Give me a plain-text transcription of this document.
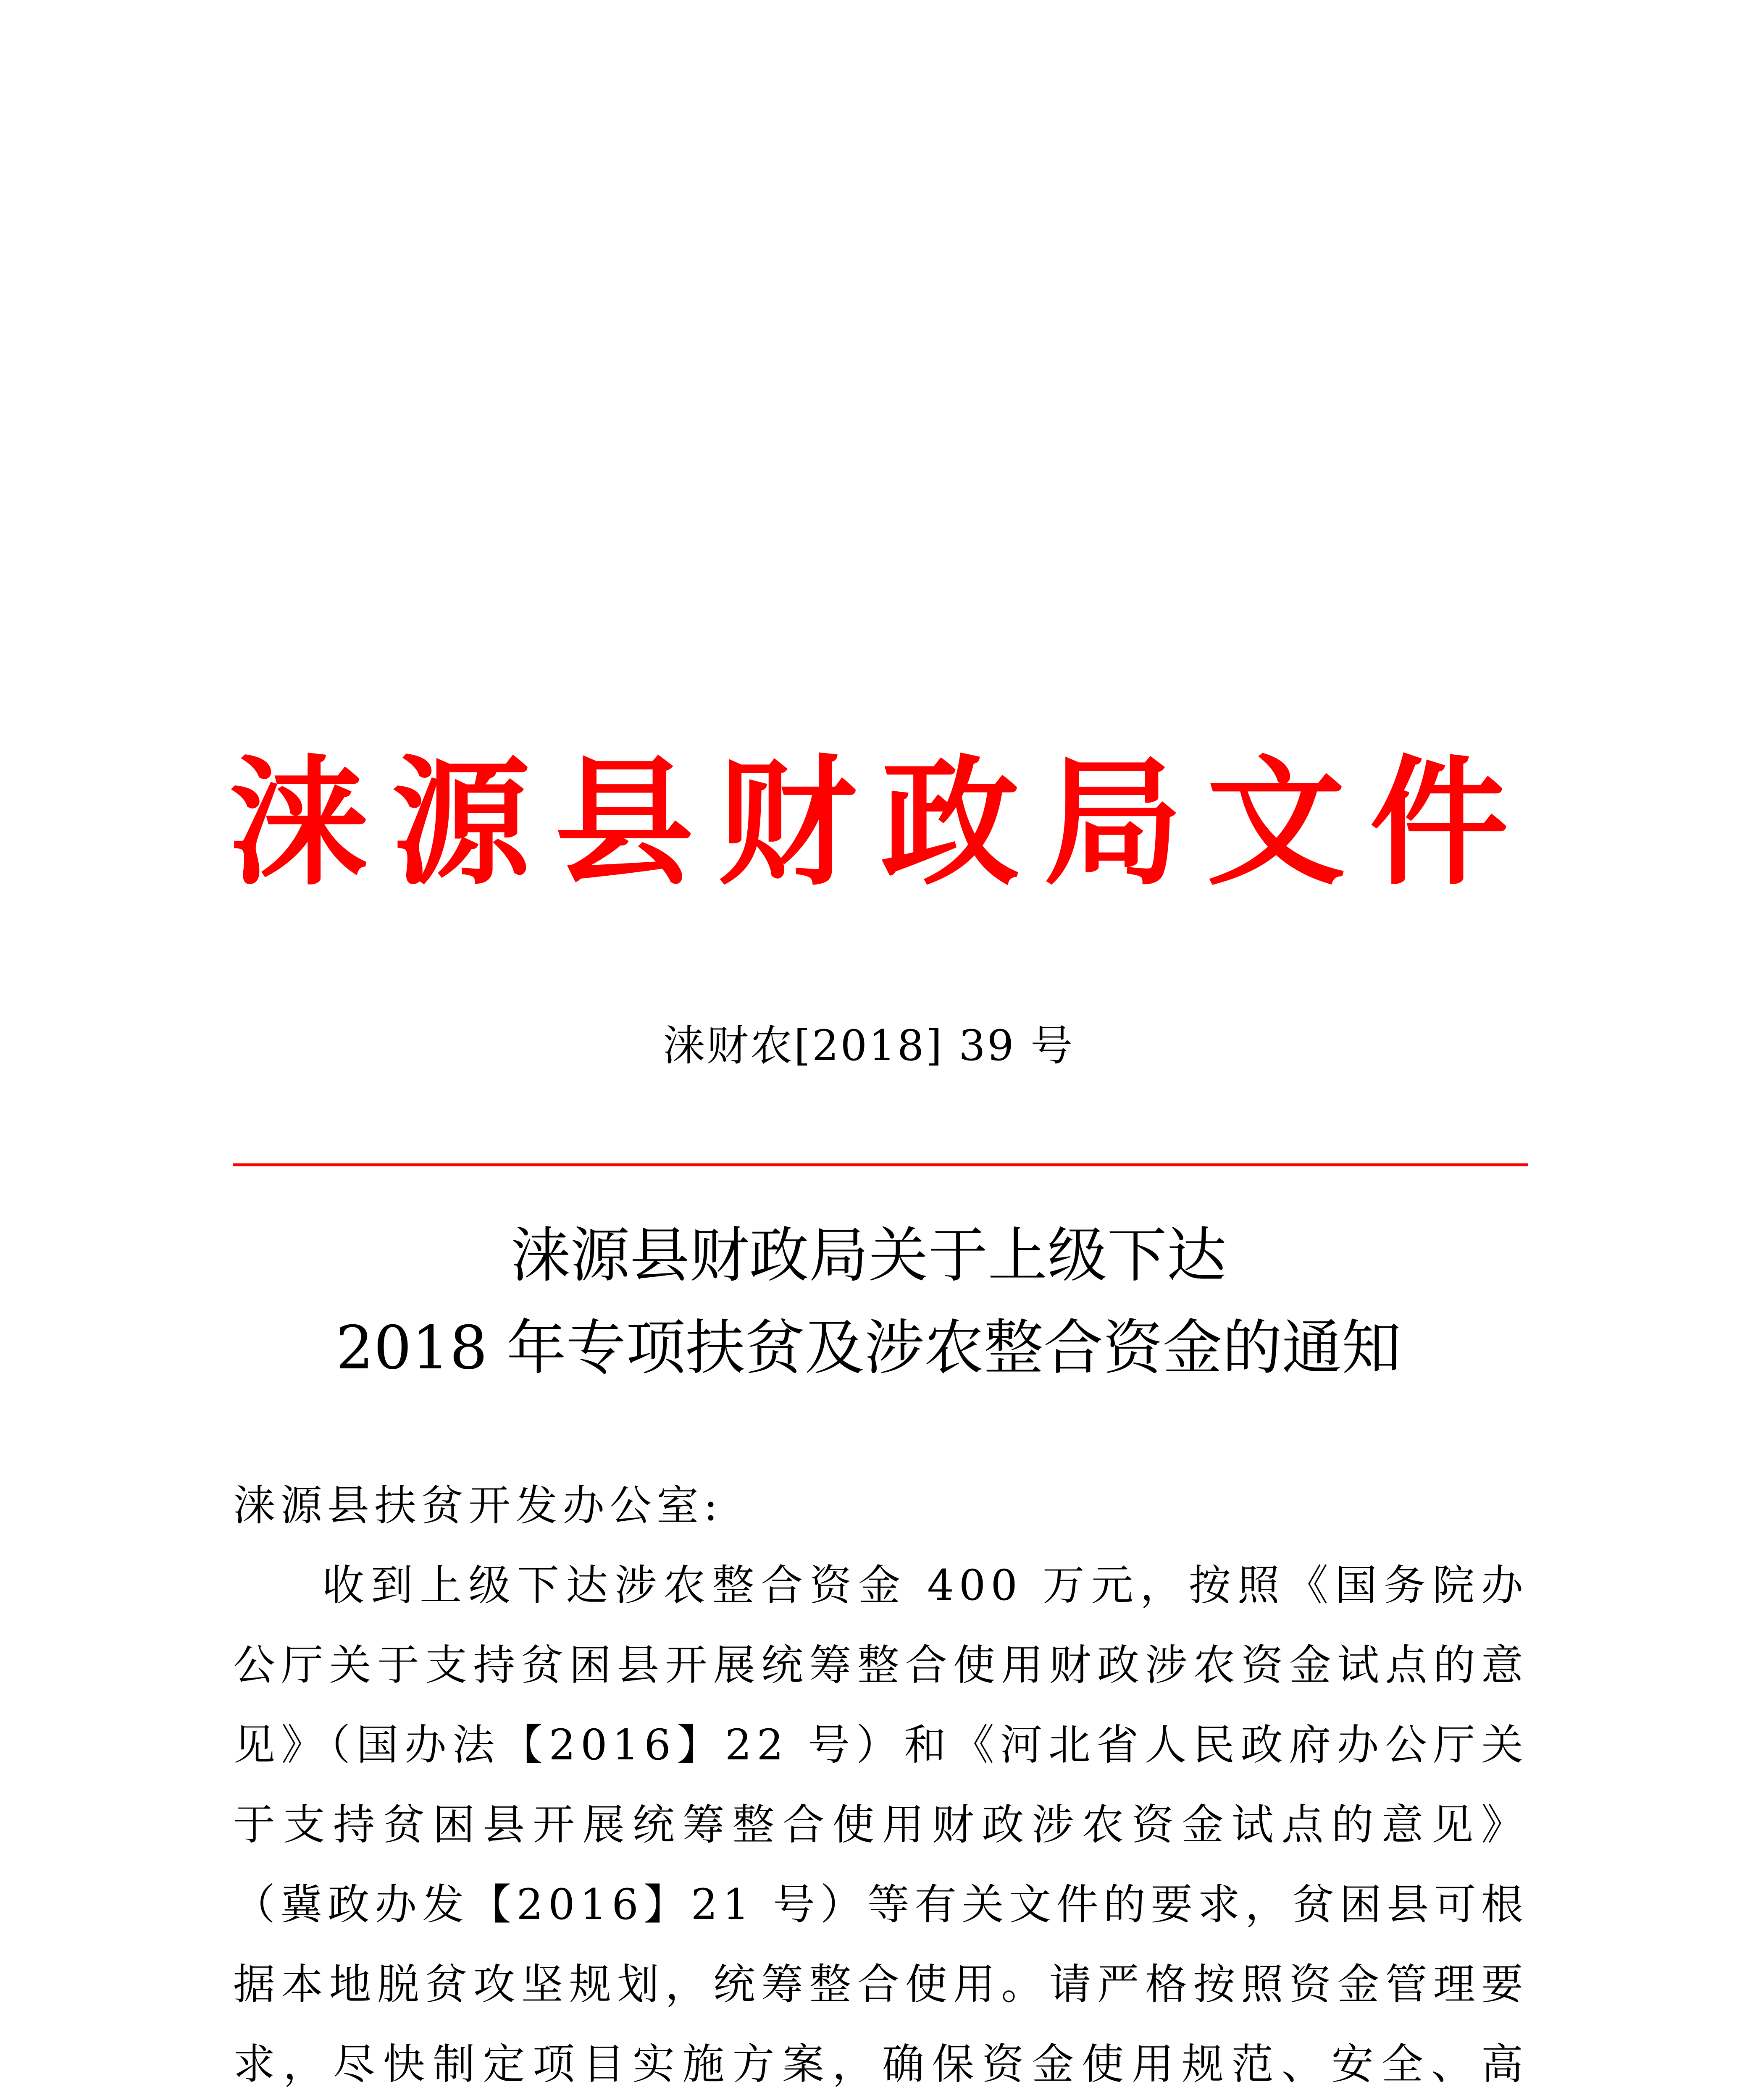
涞源县财政局文件
涞财农[2018] 39 号
涞源县财政局关于上级下达
2018 年专项扶贫及涉农整合资金的通知
涞源县扶贫开发办公室:

收到上级下达涉农整合资金 400 万元，按照《国务院办公厅关于支持贫困县开展统筹整合使用财政涉农资金试点的意见》（国办法【2016】22 号）和《河北省人民政府办公厅关于支持贫困县开展统筹整合使用财政涉农资金试点的意见》（冀政办发【2016】21 号）等有关文件的要求，贫困县可根据本地脱贫攻坚规划，统筹整合使用。请严格按照资金管理要求，尽快制定项目实施方案，确保资金使用规范、安全、高
